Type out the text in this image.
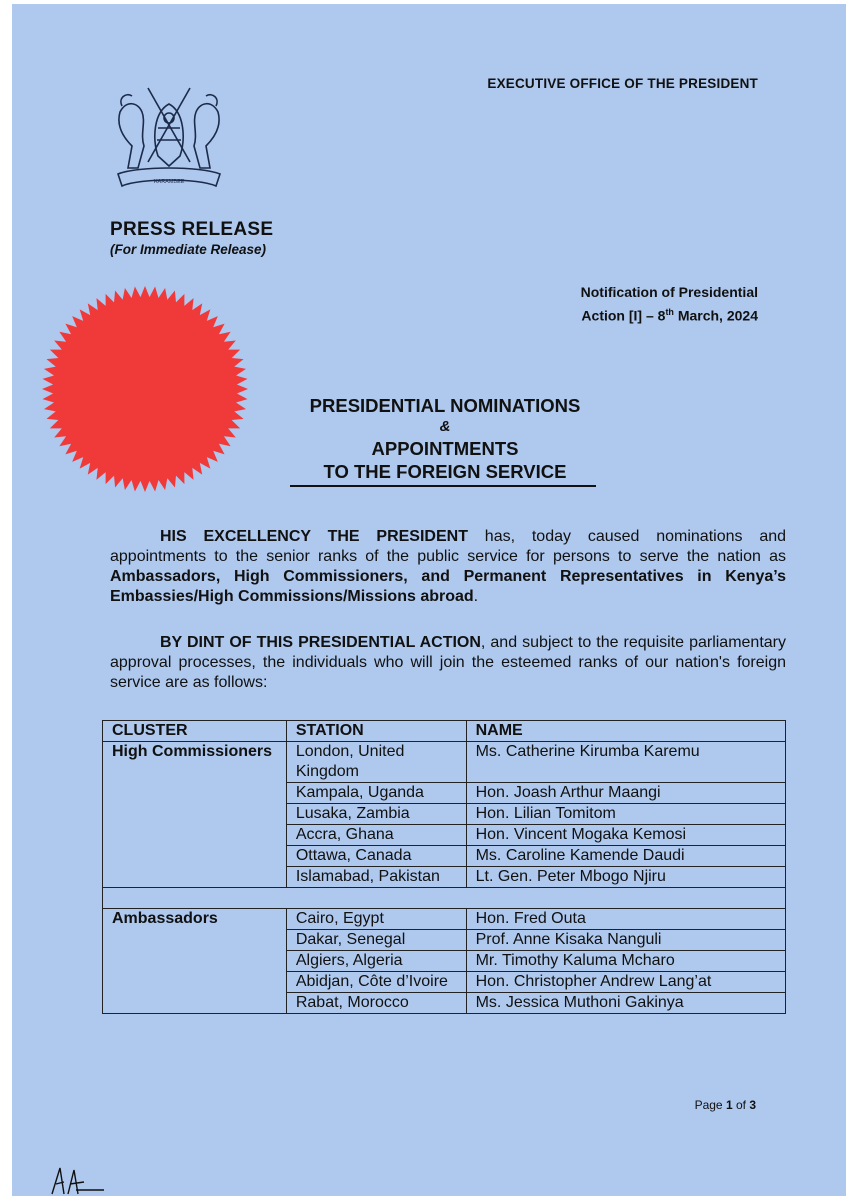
EXECUTIVE OFFICE OF THE PRESIDENT
HARAMBEE
PRESS RELEASE
(For Immediate Release)
Notification of Presidential
Action [I] – 8th March, 2024
PRESIDENTIAL NOMINATIONS
&
APPOINTMENTS
TO THE FOREIGN SERVICE
HIS EXCELLENCY THE PRESIDENT has, today caused nominations and appointments to the senior ranks of the public service for persons to serve the nation as Ambassadors, High Commissioners, and Permanent Representatives in Kenya’s Embassies/High Commissions/Missions abroad.
BY DINT OF THIS PRESIDENTIAL ACTION, and subject to the requisite parliamentary approval processes, the individuals who will join the esteemed ranks of our nation's foreign service are as follows:
CLUSTER	STATION	NAME
High Commissioners	London, United Kingdom	Ms. Catherine Kirumba Karemu
	Kampala, Uganda	Hon. Joash Arthur Maangi
	Lusaka, Zambia	Hon. Lilian Tomitom
	Accra, Ghana	Hon. Vincent Mogaka Kemosi
	Ottawa, Canada	Ms. Caroline Kamende Daudi
	Islamabad, Pakistan	Lt. Gen. Peter Mbogo Njiru

Ambassadors	Cairo, Egypt	Hon. Fred Outa
	Dakar, Senegal	Prof. Anne Kisaka Nanguli
	Algiers, Algeria	Mr. Timothy Kaluma Mcharo
	Abidjan, Côte d’Ivoire	Hon. Christopher Andrew Lang’at
	Rabat, Morocco	Ms. Jessica Muthoni Gakinya
Page 1 of 3
